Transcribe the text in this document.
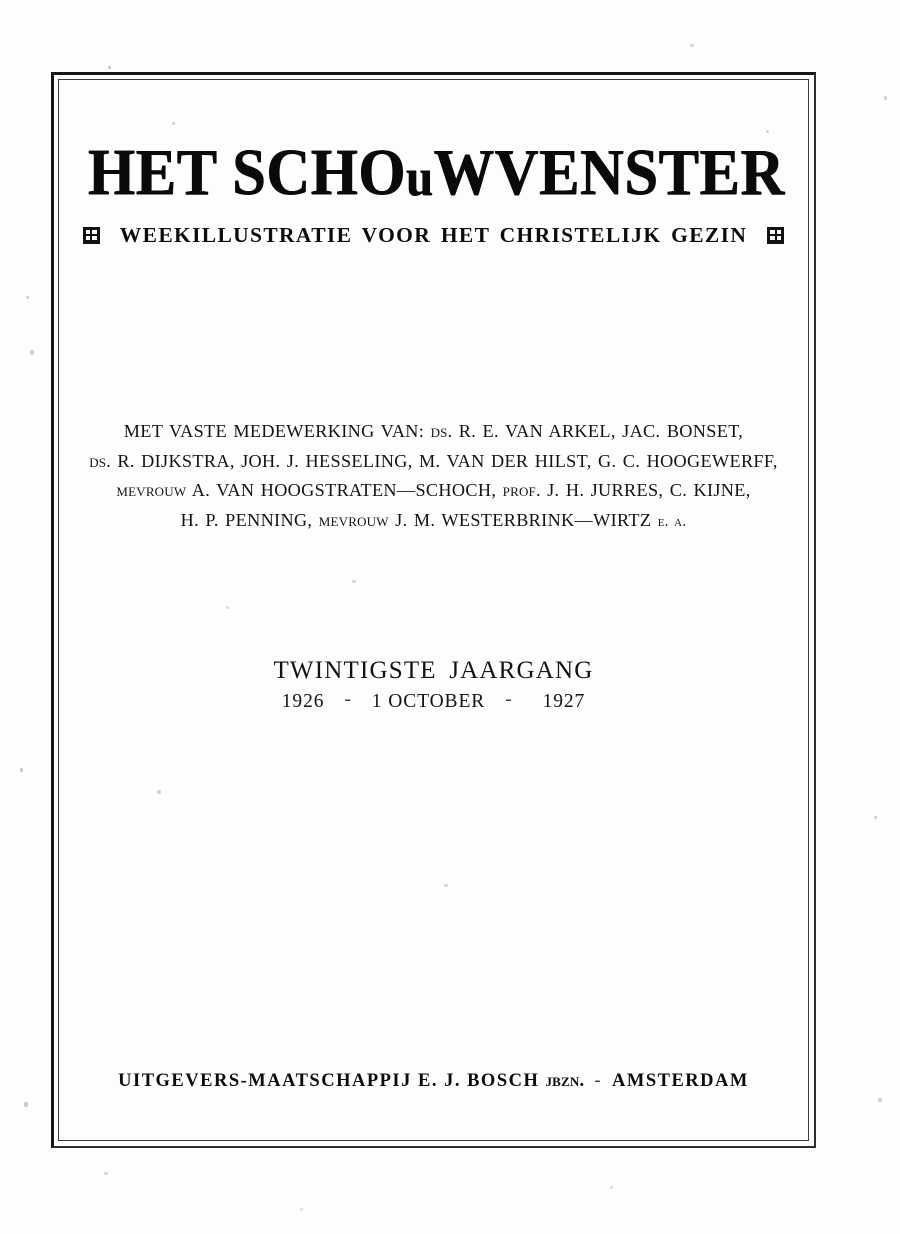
HET SCHOuWVENSTER
WEEKILLUSTRATIE VOOR HET CHRISTELIJK GEZIN
MET VASTE MEDEWERKING VAN: ds. R. E. VAN ARKEL, JAC. BONSET,
ds. R. DIJKSTRA, JOH. J. HESSELING, M. VAN DER HILST, G. C. HOOGEWERFF,
mevrouw A. VAN HOOGSTRATEN—SCHOCH, prof. J. H. JURRES, C. KIJNE,
H. P. PENNING, mevrouw J. M. WESTERBRINK—WIRTZ e. a.
TWINTIGSTE JAARGANG
1926 - 1 OCTOBER - 1927
UITGEVERS-MAATSCHAPPIJ E. J. BOSCH jbzn. - AMSTERDAM
